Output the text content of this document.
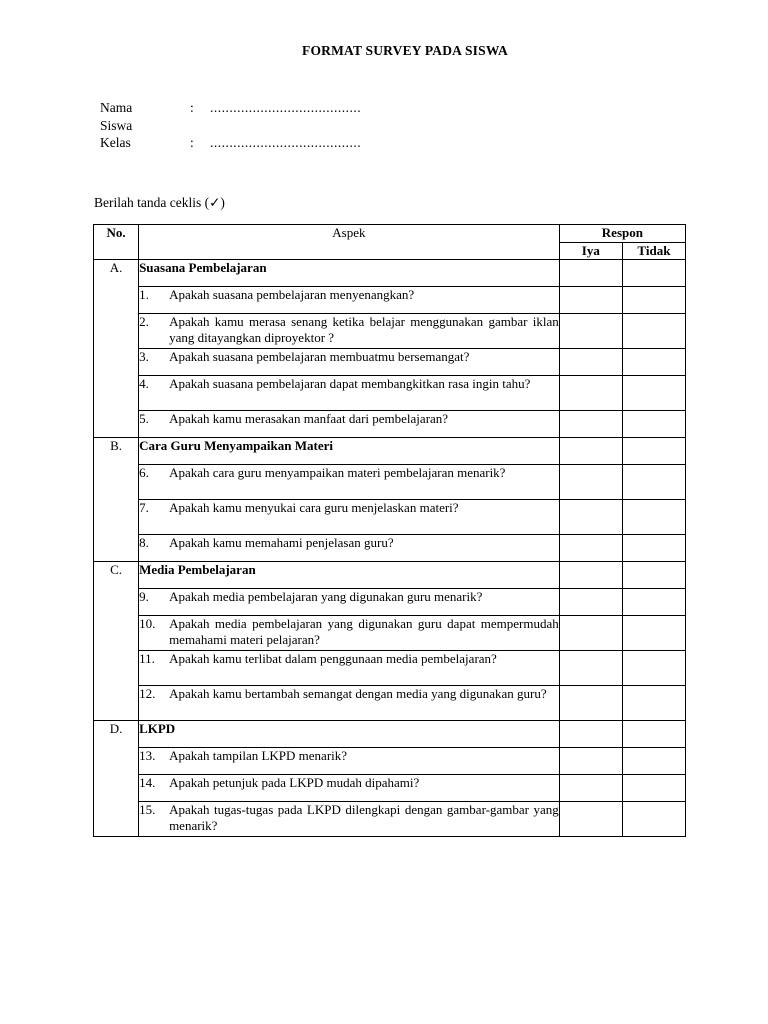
FORMAT SURVEY PADA SISWA
Nama	:	.......................................
Siswa
Kelas	:	.......................................
Berilah tanda ceklis (✓)
No.	Aspek	Respon	
		Iya	Tidak
A.	Suasana Pembelajaran		

	1. Apakah suasana pembelajaran menyenangkan?		

	2. Apakah kamu merasa senang ketika belajar menggunakan gambar iklan yang ditayangkan diproyektor ?		

	3. Apakah suasana pembelajaran membuatmu bersemangat?		

	4. Apakah suasana pembelajaran dapat membangkitkan rasa ingin tahu?		

	5. Apakah kamu merasakan manfaat dari pembelajaran?		

B.	Cara Guru Menyampaikan Materi		

	6. Apakah cara guru menyampaikan materi pembelajaran menarik?		

	7. Apakah kamu menyukai cara guru menjelaskan materi?		

	8. Apakah kamu memahami penjelasan guru?		

C.	Media Pembelajaran		

	9. Apakah media pembelajaran yang digunakan guru menarik?		

	10. Apakah media pembelajaran yang digunakan guru dapat mempermudah memahami materi pelajaran?		

	11. Apakah kamu terlibat dalam penggunaan media pembelajaran?		

	12. Apakah kamu bertambah semangat dengan media yang digunakan guru?		

D.	LKPD		

	13. Apakah tampilan LKPD menarik?		

	14. Apakah petunjuk pada LKPD mudah dipahami?		

	15. Apakah tugas-tugas pada LKPD dilengkapi dengan gambar-gambar yang menarik?		
